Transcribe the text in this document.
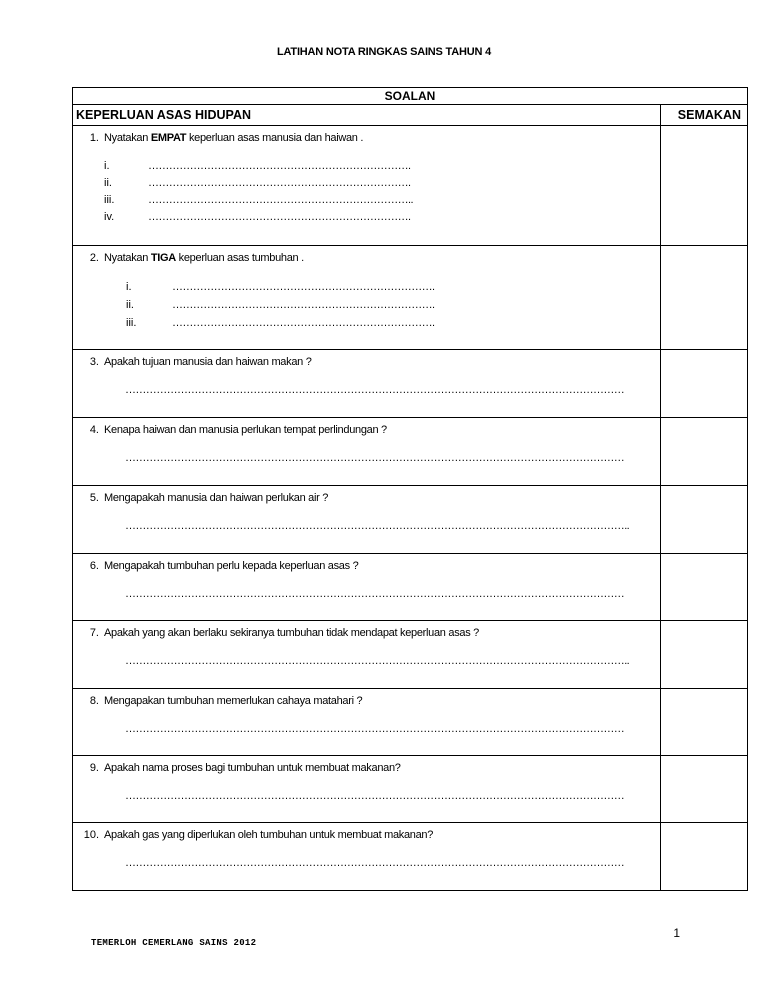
LATIHAN NOTA RINGKAS SAINS TAHUN 4
SOALAN
KEPERLUAN ASAS HIDUPAN	SEMAKAN
1. Nyatakan EMPAT keperluan asas manusia dan haiwan .
i.	………………………………………………………………….
ii.	………………………………………………………………….
iii.	…………………………………………………………………..
iv.	………………………………………………………………….
2. Nyatakan TIGA keperluan asas tumbuhan .
i.	………………………………………………………………….
ii.	………………………………………………………………….
iii.	………………………………………………………………….
3. Apakah tujuan manusia dan haiwan makan ?
………………………………………………………………………………………………………………………………
4. Kenapa haiwan dan manusia perlukan tempat perlindungan ?
………………………………………………………………………………………………………………………………
5. Mengapakah manusia dan haiwan perlukan air ?
………………………………………………………………………………………………………………………………..
6. Mengapakah tumbuhan perlu kepada keperluan asas ?
………………………………………………………………………………………………………………………………
7. Apakah yang akan berlaku sekiranya tumbuhan tidak mendapat keperluan asas ?
………………………………………………………………………………………………………………………………..
8. Mengapakan tumbuhan memerlukan cahaya matahari ?
………………………………………………………………………………………………………………………………
9. Apakah nama proses bagi tumbuhan untuk membuat makanan?
………………………………………………………………………………………………………………………………
10. Apakah gas yang diperlukan oleh tumbuhan untuk membuat makanan?
………………………………………………………………………………………………………………………………
1
TEMERLOH CEMERLANG SAINS 2012
